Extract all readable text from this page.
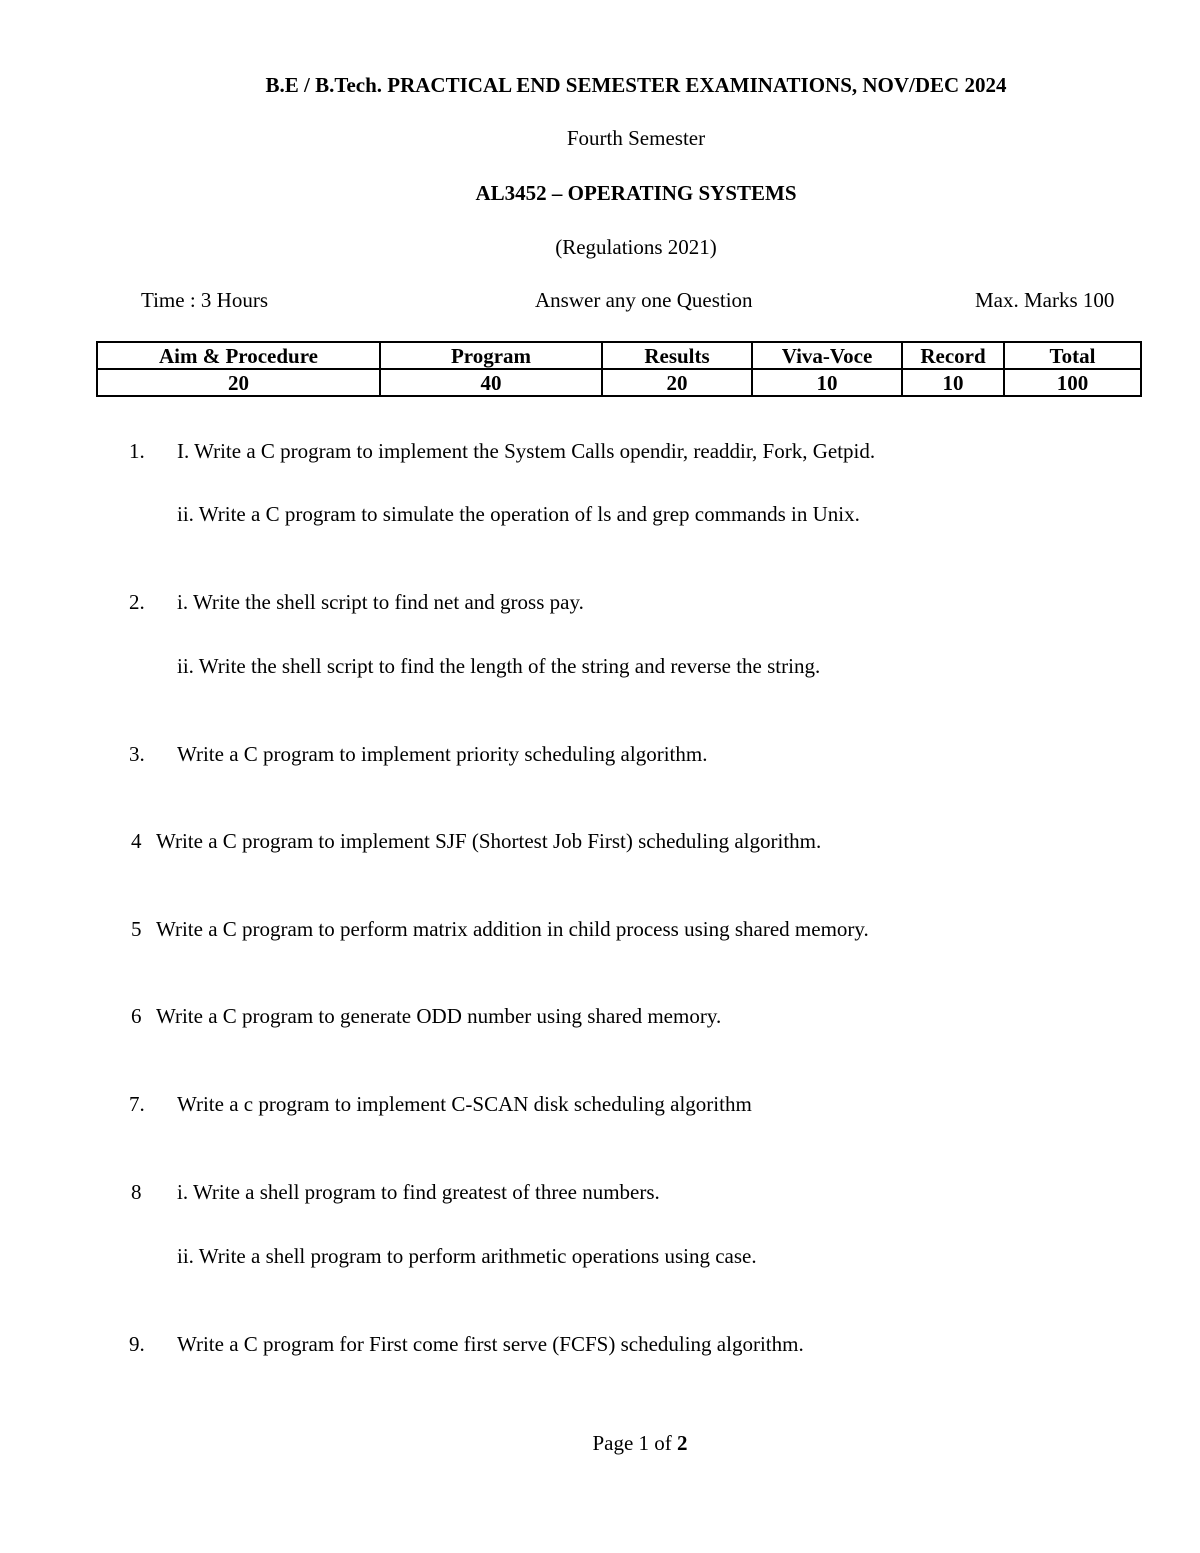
B.E / B.Tech. PRACTICAL END SEMESTER EXAMINATIONS, NOV/DEC 2024
Fourth Semester
AL3452 – OPERATING SYSTEMS
(Regulations 2021)
Time : 3 Hours	Answer any one Question	Max. Marks 100
Aim & Procedure	Program	Results	Viva-Voce	Record	Total
20	40	20	10	10	100
1. I. Write a C program to implement the System Calls opendir, readdir, Fork, Getpid.
ii. Write a C program to simulate the operation of ls and grep commands in Unix.
2. i. Write the shell script to find net and gross pay.
ii. Write the shell script to find the length of the string and reverse the string.
3. Write a C program to implement priority scheduling algorithm.
4 Write a C program to implement SJF (Shortest Job First) scheduling algorithm.
5 Write a C program to perform matrix addition in child process using shared memory.
6 Write a C program to generate ODD number using shared memory.
7. Write a c program to implement C-SCAN disk scheduling algorithm
8 i. Write a shell program to find greatest of three numbers.
ii. Write a shell program to perform arithmetic operations using case.
9. Write a C program for First come first serve (FCFS) scheduling algorithm.
Page 1 of 2
